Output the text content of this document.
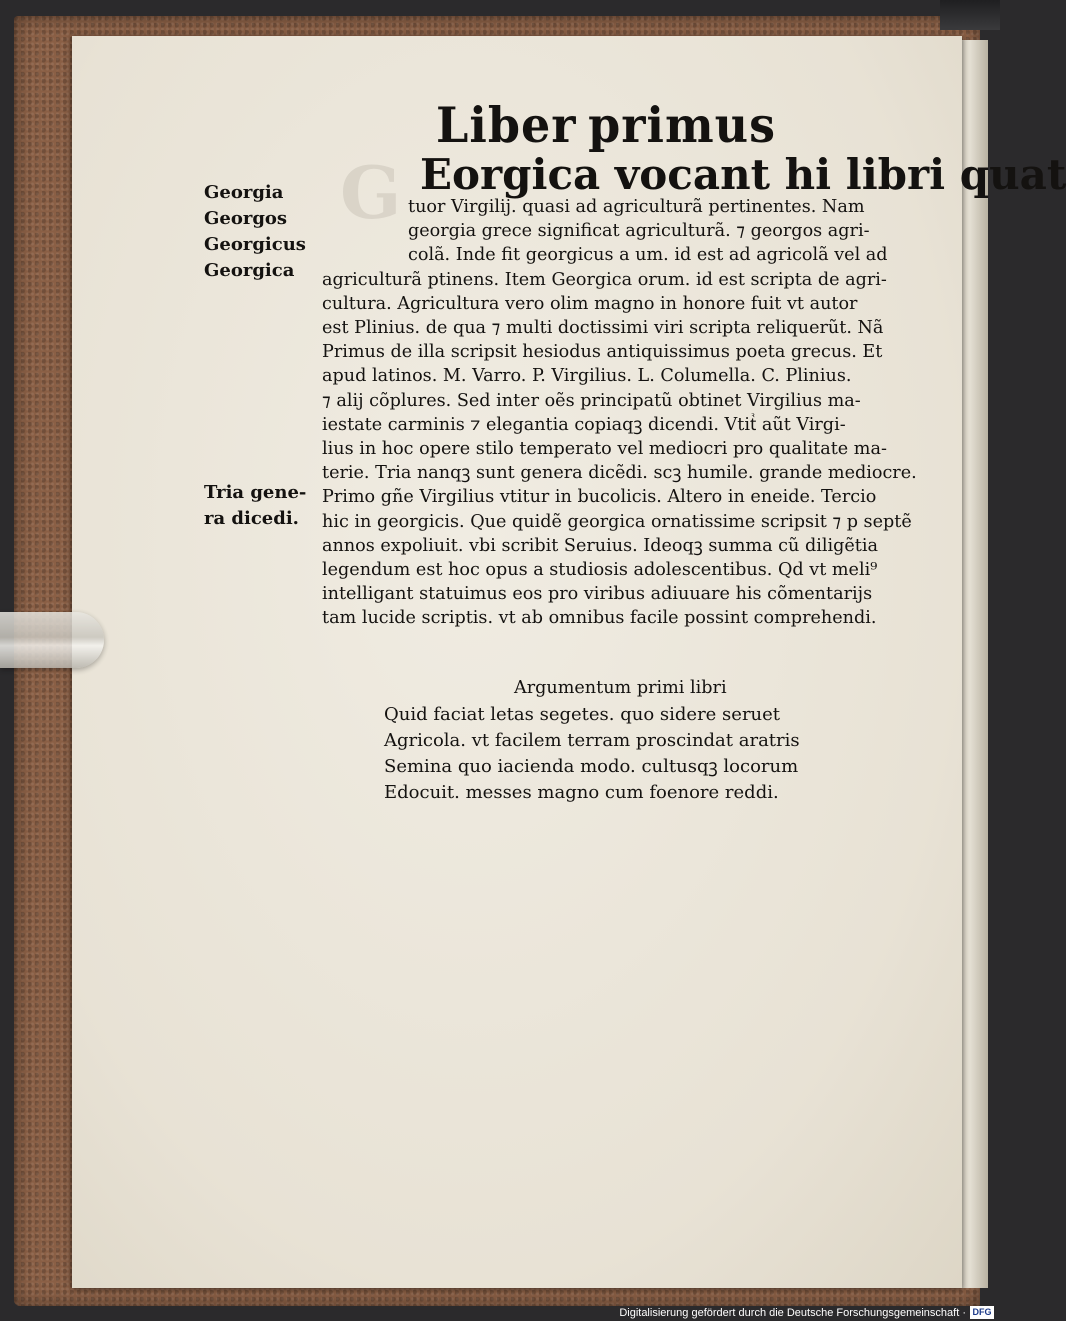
G
Liber primus
Eorgica vocant hi libri quat
Georgia
Georgos
Georgicus
Georgica
Tria gene-
ra dicedi.
tuor Virgilij. quasi ad agriculturã pertinentes. Nam
georgia grece significat agriculturã. ⁊ georgos agri-
colã. Inde fit georgicus a um. id est ad agricolã vel ad
agriculturã ptinens. Item Georgica orum. id est scripta de agri-
cultura. Agricultura vero olim magno in honore fuit vt autor
est Plinius. de qua ⁊ multi doctissimi viri scripta reliquerũt. Nã
Primus de illa scripsit hesiodus antiquissimus poeta grecus. Et
apud latinos. M. Varro. P. Virgilius. L. Columella. C. Plinius.
⁊ alij cõplures. Sed inter oẽs principatũ obtinet Virgilius ma-
iestate carminis ⁊ elegantia copiaqꝫ dicendi. Vtitᷣ aũt Virgi-
lius in hoc opere stilo temperato vel mediocri pro qualitate ma-
terie. Tria nanqꝫ sunt genera dicẽdi. scꝫ humile. grande mediocre.
Primo gñe Virgilius vtitur in bucolicis. Altero in eneide. Tercio
hic in georgicis. Que quidẽ georgica ornatissime scripsit ⁊ p septẽ
annos expoliuit. vbi scribit Seruius. Ideoqꝫ summa cũ diligẽtia
legendum est hoc opus a studiosis adolescentibus. Qd vt meli⁹
intelligant statuimus eos pro viribus adiuuare his cõmentarijs
tam lucide scriptis. vt ab omnibus facile possint comprehendi.
Argumentum primi libri
Quid faciat letas segetes. quo sidere seruet
Agricola. vt facilem terram proscindat aratris
Semina quo iacienda modo. cultusqꝫ locorum
Edocuit. messes magno cum foenore reddi.
Digitalisierung gefördert durch die Deutsche Forschungsgemeinschaft · DFG
